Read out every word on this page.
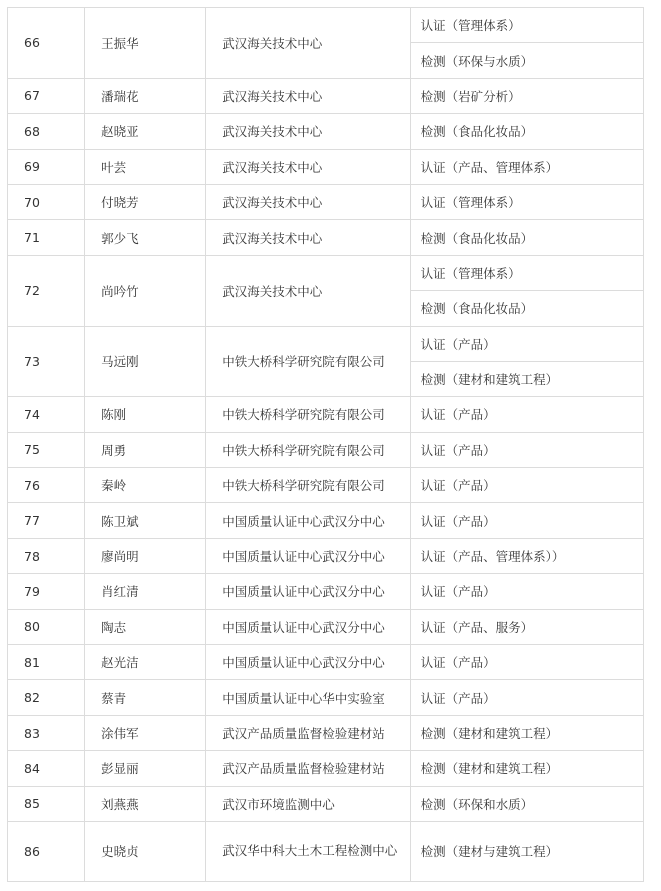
66	王振华	武汉海关技术中心	认证（管理体系）
			检测（环保与水质）
67	潘瑞花	武汉海关技术中心	检测（岩矿分析）
68	赵晓亚	武汉海关技术中心	检测（食品化妆品）
69	叶芸	武汉海关技术中心	认证（产品、管理体系）
70	付晓芳	武汉海关技术中心	认证（管理体系）
71	郭少飞	武汉海关技术中心	检测（食品化妆品）
72	尚吟竹	武汉海关技术中心	认证（管理体系）
			检测（食品化妆品）
73	马远刚	中铁大桥科学研究院有限公司	认证（产品）
			检测（建材和建筑工程）
74	陈刚	中铁大桥科学研究院有限公司	认证（产品）
75	周勇	中铁大桥科学研究院有限公司	认证（产品）
76	秦岭	中铁大桥科学研究院有限公司	认证（产品）
77	陈卫斌	中国质量认证中心武汉分中心	认证（产品）
78	廖尚明	中国质量认证中心武汉分中心	认证（产品、管理体系））
79	肖红清	中国质量认证中心武汉分中心	认证（产品）
80	陶志	中国质量认证中心武汉分中心	认证（产品、服务）
81	赵光洁	中国质量认证中心武汉分中心	认证（产品）
82	蔡青	中国质量认证中心华中实验室	认证（产品）
83	涂伟军	武汉产品质量监督检验建材站	检测（建材和建筑工程）
84	彭显丽	武汉产品质量监督检验建材站	检测（建材和建筑工程）
85	刘燕燕	武汉市环境监测中心	检测（环保和水质）
86	史晓贞	武汉华中科大土木工程检测中心	检测（建材与建筑工程）
